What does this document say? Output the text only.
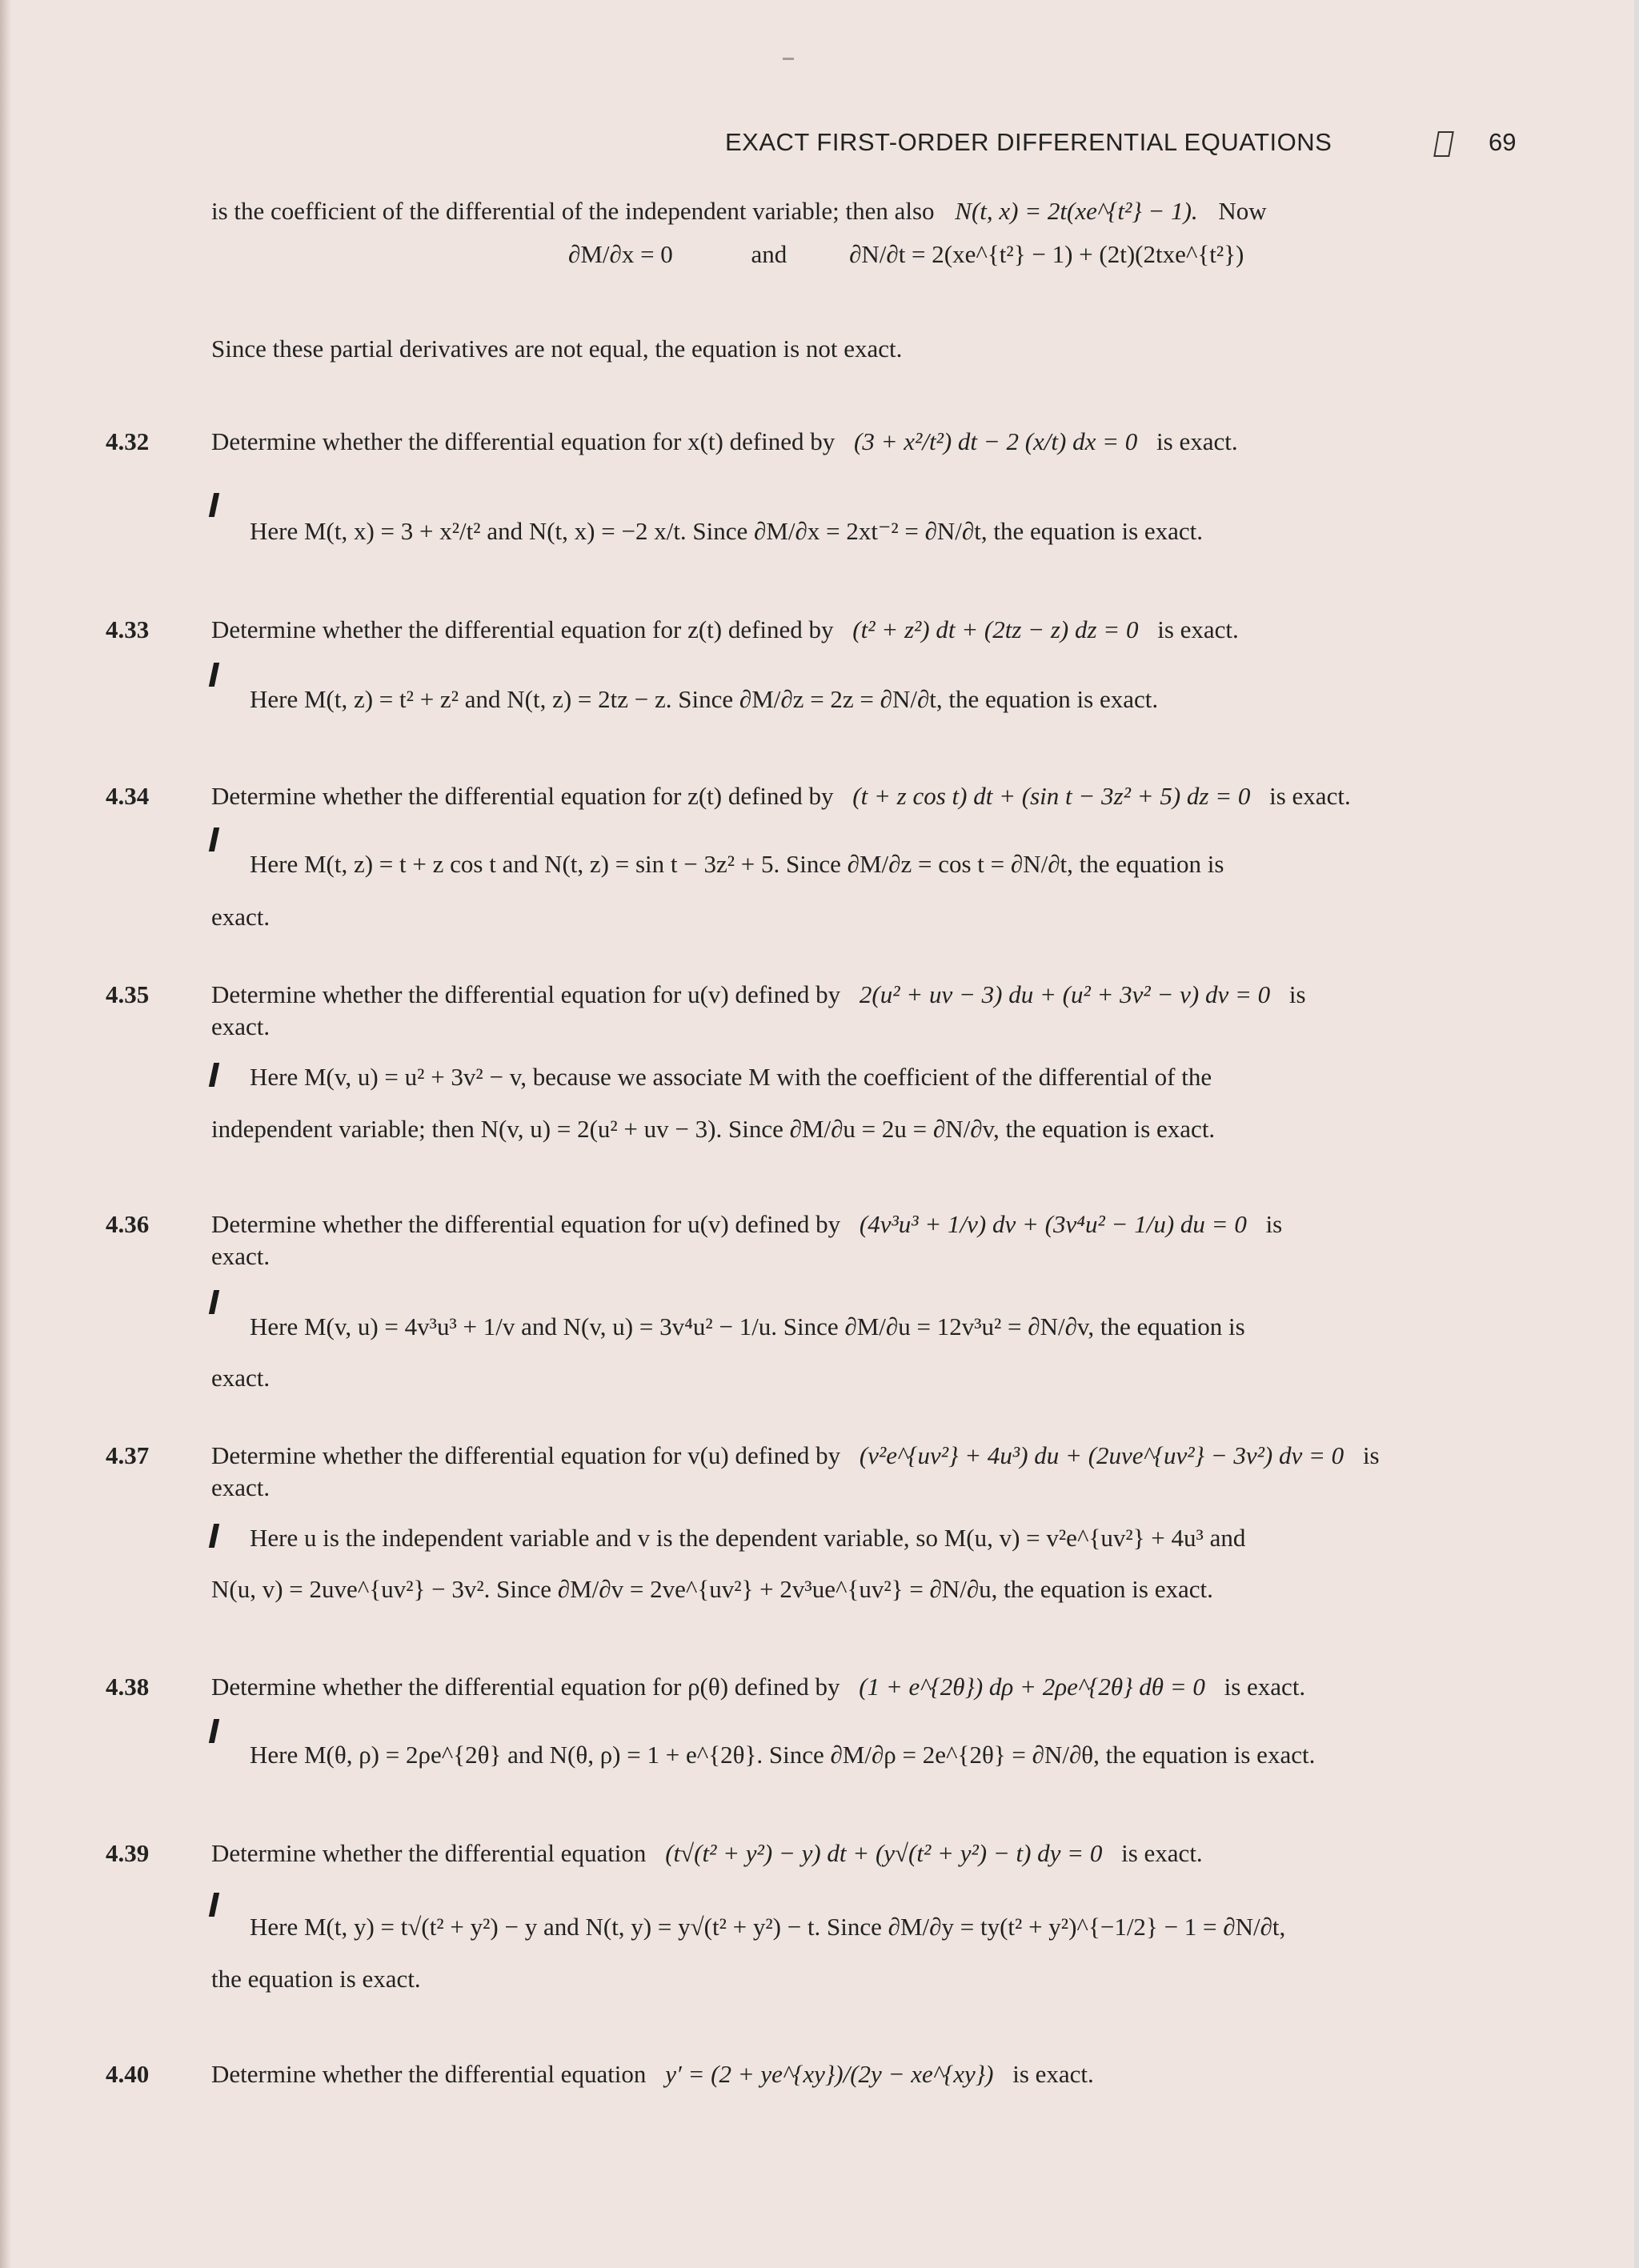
EXACT FIRST-ORDER DIFFERENTIAL EQUATIONS	69
is the coefficient of the differential of the independent variable; then also N(t, x) = 2t(xe^{t²} − 1). Now
∂M/∂x = 0	and	∂N/∂t = 2(xe^{t²} − 1) + (2t)(2txe^{t²})
Since these partial derivatives are not equal, the equation is not exact.
4.32	Determine whether the differential equation for x(t) defined by (3 + x²/t²) dt − 2 (x/t) dx = 0 is exact.
Here M(t, x) = 3 + x²/t² and N(t, x) = −2 x/t. Since ∂M/∂x = 2xt⁻² = ∂N/∂t, the equation is exact.
4.33	Determine whether the differential equation for z(t) defined by (t² + z²) dt + (2tz − z) dz = 0 is exact.
Here M(t, z) = t² + z² and N(t, z) = 2tz − z. Since ∂M/∂z = 2z = ∂N/∂t, the equation is exact.
4.34	Determine whether the differential equation for z(t) defined by (t + z cos t) dt + (sin t − 3z² + 5) dz = 0 is exact.
Here M(t, z) = t + z cos t and N(t, z) = sin t − 3z² + 5. Since ∂M/∂z = cos t = ∂N/∂t, the equation is
exact.
4.35	Determine whether the differential equation for u(v) defined by 2(u² + uv − 3) du + (u² + 3v² − v) dv = 0 is
exact.
Here M(v, u) = u² + 3v² − v, because we associate M with the coefficient of the differential of the
independent variable; then N(v, u) = 2(u² + uv − 3). Since ∂M/∂u = 2u = ∂N/∂v, the equation is exact.
4.36	Determine whether the differential equation for u(v) defined by (4v³u³ + 1/v) dv + (3v⁴u² − 1/u) du = 0 is
exact.
Here M(v, u) = 4v³u³ + 1/v and N(v, u) = 3v⁴u² − 1/u. Since ∂M/∂u = 12v³u² = ∂N/∂v, the equation is
exact.
4.37	Determine whether the differential equation for v(u) defined by (v²e^{uv²} + 4u³) du + (2uve^{uv²} − 3v²) dv = 0 is
exact.
Here u is the independent variable and v is the dependent variable, so M(u, v) = v²e^{uv²} + 4u³ and
N(u, v) = 2uve^{uv²} − 3v². Since ∂M/∂v = 2ve^{uv²} + 2v³ue^{uv²} = ∂N/∂u, the equation is exact.
4.38	Determine whether the differential equation for ρ(θ) defined by (1 + e^{2θ}) dρ + 2ρe^{2θ} dθ = 0 is exact.
Here M(θ, ρ) = 2ρe^{2θ} and N(θ, ρ) = 1 + e^{2θ}. Since ∂M/∂ρ = 2e^{2θ} = ∂N/∂θ, the equation is exact.
4.39	Determine whether the differential equation (t√(t² + y²) − y) dt + (y√(t² + y²) − t) dy = 0 is exact.
Here M(t, y) = t√(t² + y²) − y and N(t, y) = y√(t² + y²) − t. Since ∂M/∂y = ty(t² + y²)^{−1/2} − 1 = ∂N/∂t,
the equation is exact.
4.40	Determine whether the differential equation y′ = (2 + ye^{xy})/(2y − xe^{xy}) is exact.
